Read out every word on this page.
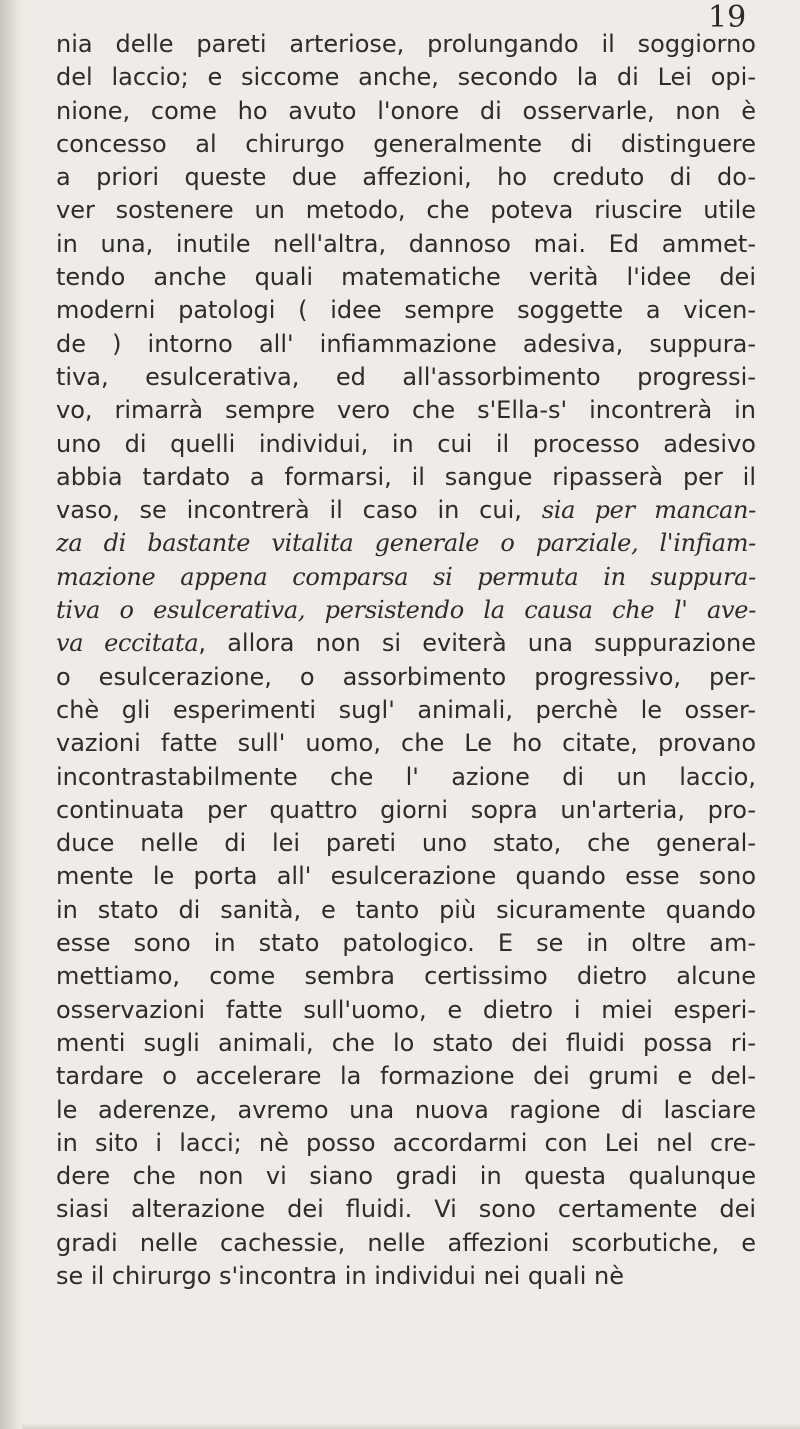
19

nia delle pareti arteriose, prolungando il soggiorno
del laccio; e siccome anche, secondo la di Lei opi-
nione, come ho avuto l'onore di osservarle, non è
concesso al chirurgo generalmente di distinguere
a priori queste due affezioni, ho creduto di do-
ver sostenere un metodo, che poteva riuscire utile
in una, inutile nell'altra, dannoso mai. Ed ammet-
tendo anche quali matematiche verità l'idee dei
moderni patologi ( idee sempre soggette a vicen-
de ) intorno all' infiammazione adesiva, suppura-
tiva, esulcerativa, ed all'assorbimento progressi-
vo, rimarrà sempre vero che s'Ella-s' incontrerà in
uno di quelli individui, in cui il processo adesivo
abbia tardato a formarsi, il sangue ripasserà per il
vaso, se incontrerà il caso in cui, sia per mancan-
za di bastante vitalita generale o parziale, l'infiam-
mazione appena comparsa si permuta in suppura-
tiva o esulcerativa, persistendo la causa che l' ave-
va eccitata, allora non si eviterà una suppurazione
o esulcerazione, o assorbimento progressivo, per-
chè gli esperimenti sugl' animali, perchè le osser-
vazioni fatte sull' uomo, che Le ho citate, provano
incontrastabilmente che l' azione di un laccio,
continuata per quattro giorni sopra un'arteria, pro-
duce nelle di lei pareti uno stato, che general-
mente le porta all' esulcerazione quando esse sono
in stato di sanità, e tanto più sicuramente quando
esse sono in stato patologico. E se in oltre am-
mettiamo, come sembra certissimo dietro alcune
osservazioni fatte sull'uomo, e dietro i miei esperi-
menti sugli animali, che lo stato dei fluidi possa ri-
tardare o accelerare la formazione dei grumi e del-
le aderenze, avremo una nuova ragione di lasciare
in sito i lacci; nè posso accordarmi con Lei nel cre-
dere che non vi siano gradi in questa qualunque
siasi alterazione dei fluidi. Vi sono certamente dei
gradi nelle cachessie, nelle affezioni scorbutiche, e
se il chirurgo s'incontra in individui nei quali nè
